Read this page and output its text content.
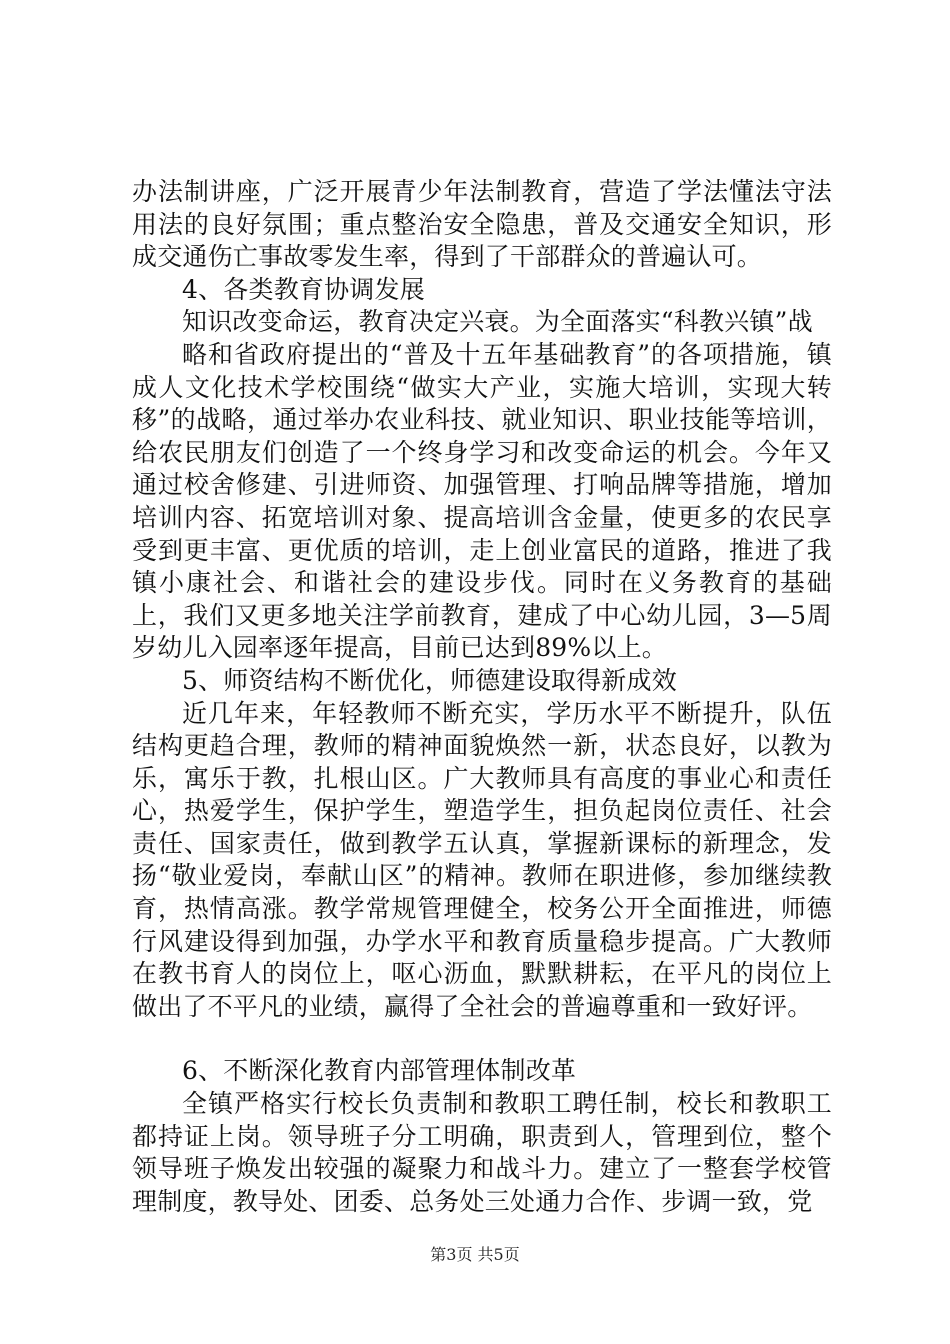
办法制讲座，广泛开展青少年法制教育，营造了学法懂法守法用法的良好氛围；重点整治安全隐患，普及交通安全知识，形成交通伤亡事故零发生率，得到了干部群众的普遍认可。

4、各类教育协调发展

知识改变命运，教育决定兴衰。为全面落实“科教兴镇”战

略和省政府提出的“普及十五年基础教育”的各项措施，镇成人文化技术学校围绕“做实大产业，实施大培训，实现大转移”的战略，通过举办农业科技、就业知识、职业技能等培训，给农民朋友们创造了一个终身学习和改变命运的机会。今年又通过校舍修建、引进师资、加强管理、打响品牌等措施，增加培训内容、拓宽培训对象、提高培训含金量，使更多的农民享受到更丰富、更优质的培训，走上创业富民的道路，推进了我镇小康社会、和谐社会的建设步伐。同时在义务教育的基础上，我们又更多地关注学前教育，建成了中心幼儿园，3—5周岁幼儿入园率逐年提高，目前已达到89%以上。

5、师资结构不断优化，师德建设取得新成效

近几年来，年轻教师不断充实，学历水平不断提升，队伍结构更趋合理，教师的精神面貌焕然一新，状态良好，以教为乐，寓乐于教，扎根山区。广大教师具有高度的事业心和责任心，热爱学生，保护学生，塑造学生，担负起岗位责任、社会责任、国家责任，做到教学五认真，掌握新课标的新理念，发扬“敬业爱岗，奉献山区”的精神。教师在职进修，参加继续教育，热情高涨。教学常规管理健全，校务公开全面推进，师德行风建设得到加强，办学水平和教育质量稳步提高。广大教师在教书育人的岗位上，呕心沥血，默默耕耘，在平凡的岗位上做出了不平凡的业绩，赢得了全社会的普遍尊重和一致好评。

6、不断深化教育内部管理体制改革

全镇严格实行校长负责制和教职工聘任制，校长和教职工都持证上岗。领导班子分工明确，职责到人，管理到位，整个领导班子焕发出较强的凝聚力和战斗力。建立了一整套学校管理制度，教导处、团委、总务处三处通力合作、步调一致，党

第3页 共5页
